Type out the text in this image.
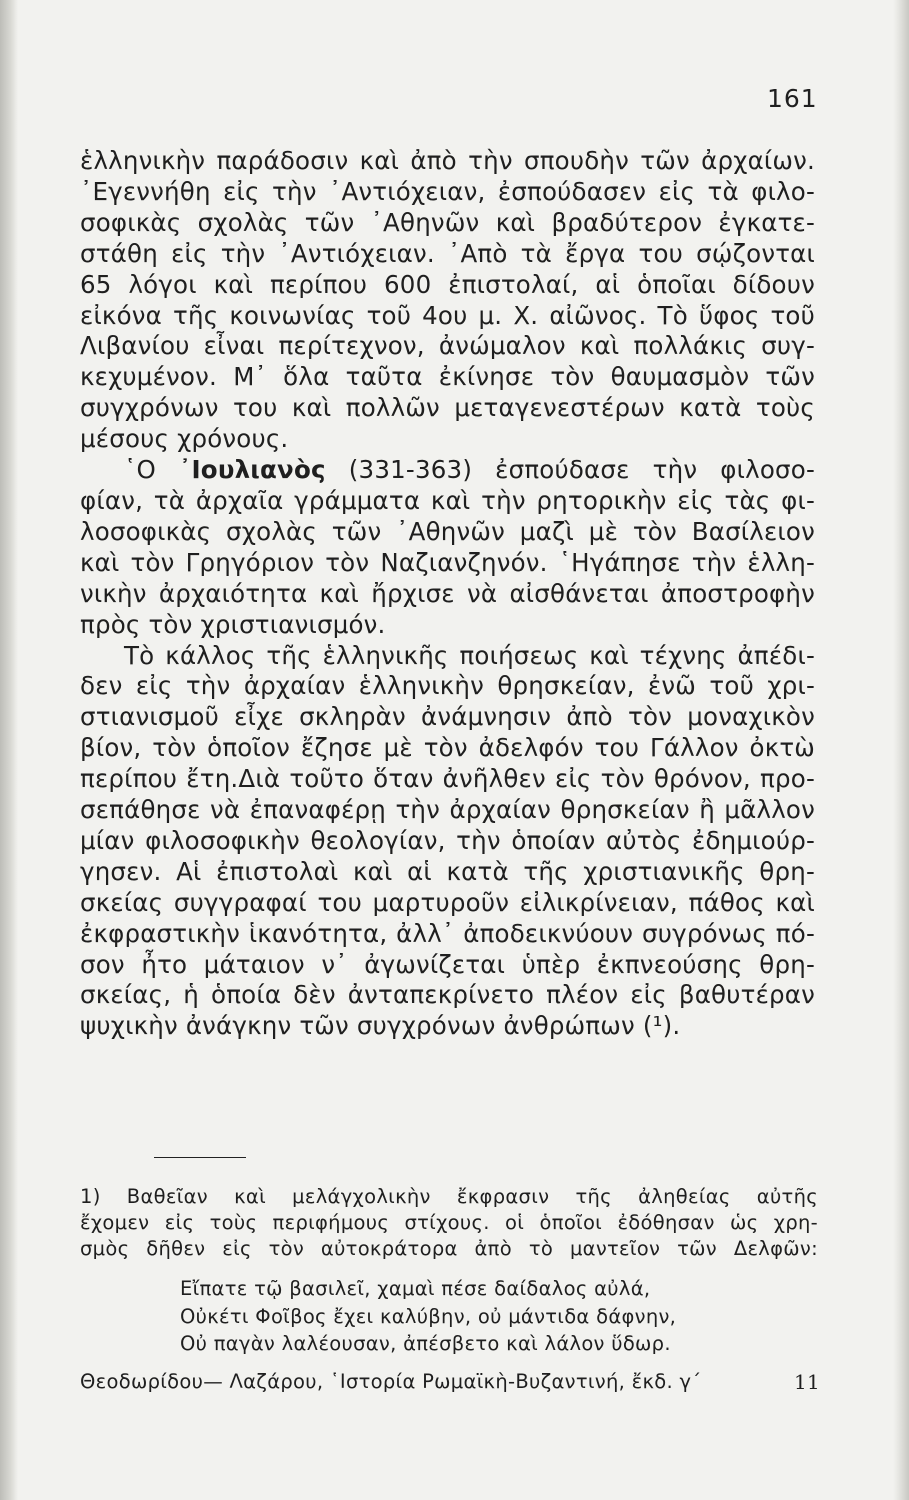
161
ἑλληνικὴν παράδοσιν καὶ ἀπὸ τὴν σπουδὴν τῶν ἀρχαίων.
᾿Εγεννήθη εἰς τὴν ᾿Αντιόχειαν, ἐσπούδασεν εἰς τὰ φιλο-
σοφικὰς σχολὰς τῶν ᾿Αθηνῶν καὶ βραδύτερον ἐγκατε-
στάθη εἰς τὴν ᾿Αντιόχειαν. ᾿Απὸ τὰ ἔργα του σῴζονται
65 λόγοι καὶ περίπου 600 ἐπιστολαί, αἱ ὁποῖαι δίδουν
εἰκόνα τῆς κοινωνίας τοῦ 4ου μ. Χ. αἰῶνος. Τὸ ὕφος τοῦ
Λιβανίου εἶναι περίτεχνον, ἀνώμαλον καὶ πολλάκις συγ-
κεχυμένον. Μ᾿ ὅλα ταῦτα ἐκίνησε τὸν θαυμασμὸν τῶν
συγχρόνων του καὶ πολλῶν μεταγενεστέρων κατὰ τοὺς
μέσους χρόνους.
῾Ο ᾿Ιουλιανὸς (331-363) ἐσπούδασε τὴν φιλοσο-
φίαν, τὰ ἀρχαῖα γράμματα καὶ τὴν ρητορικὴν εἰς τὰς φι-
λοσοφικὰς σχολὰς τῶν ᾿Αθηνῶν μαζὶ μὲ τὸν Βασίλειον
καὶ τὸν Γρηγόριον τὸν Ναζιανζηνόν. ῾Ηγάπησε τὴν ἑλλη-
νικὴν ἀρχαιότητα καὶ ἤρχισε νὰ αἰσθάνεται ἀποστροφὴν
πρὸς τὸν χριστιανισμόν.
Τὸ κάλλος τῆς ἑλληνικῆς ποιήσεως καὶ τέχνης ἀπέδι-
δεν εἰς τὴν ἀρχαίαν ἑλληνικὴν θρησκείαν, ἐνῶ τοῦ χρι-
στιανισμοῦ εἶχε σκληρὰν ἀνάμνησιν ἀπὸ τὸν μοναχικὸν
βίον, τὸν ὁποῖον ἔζησε μὲ τὸν ἀδελφόν του Γάλλον ὀκτὼ
περίπου ἔτη.Διὰ τοῦτο ὅταν ἀνῆλθεν εἰς τὸν θρόνον, προ-
σεπάθησε νὰ ἐπαναφέρῃ τὴν ἀρχαίαν θρησκείαν ἢ μᾶλλον
μίαν φιλοσοφικὴν θεολογίαν, τὴν ὁποίαν αὐτὸς ἐδημιούρ-
γησεν. Αἱ ἐπιστολαὶ καὶ αἱ κατὰ τῆς χριστιανικῆς θρη-
σκείας συγγραφαί του μαρτυροῦν εἰλικρίνειαν, πάθος καὶ
ἐκφραστικὴν ἱκανότητα, ἀλλ᾿ ἀποδεικνύουν συγρόνως πό-
σον ἦτο μάταιον ν᾿ ἀγωνίζεται ὑπὲρ ἐκπνεούσης θρη-
σκείας, ἡ ὁποία δὲν ἀνταπεκρίνετο πλέον εἰς βαθυτέραν
ψυχικὴν ἀνάγκην τῶν συγχρόνων ἀνθρώπων (¹).
1) Βαθεῖαν καὶ μελάγχολικὴν ἔκφρασιν τῆς ἀληθείας αὐτῆς
ἔχομεν εἰς τοὺς περιφήμους στίχους. οἱ ὁποῖοι ἐδόθησαν ὡς χρη-
σμὸς δῆθεν εἰς τὸν αὐτοκράτορα ἀπὸ τὸ μαντεῖον τῶν Δελφῶν:
Εἴπατε τῷ βασιλεῖ, χαμαὶ πέσε δαίδαλος αὐλά,
Οὐκέτι Φοῖβος ἔχει καλύβην, οὐ μάντιδα δάφνην,
Οὐ παγὰν λαλέουσαν, ἀπέσβετο καὶ λάλον ὕδωρ.
Θεοδωρίδου— Λαζάρου, ῾Ιστορία Ρωμαϊκὴ-Βυζαντινή, ἔκδ. γ´	11
